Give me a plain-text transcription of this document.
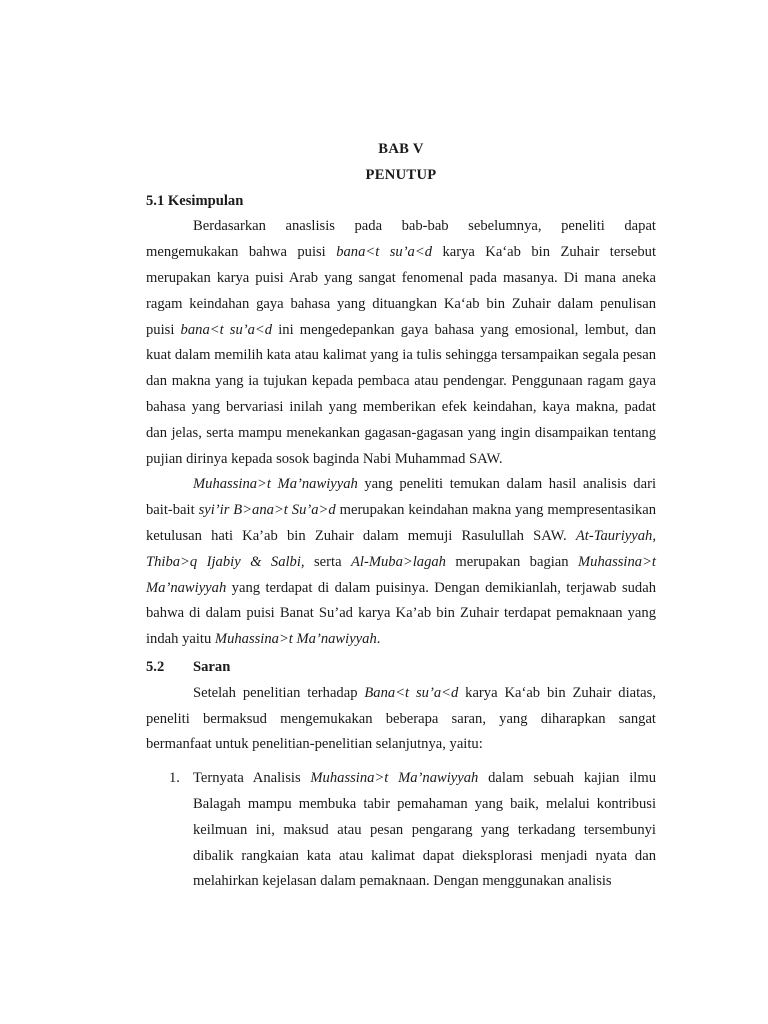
BAB V
PENUTUP

5.1 Kesimpulan

Berdasarkan anaslisis pada bab-bab sebelumnya, peneliti dapat mengemukakan bahwa puisi bana<t su’a<d karya Ka‘ab bin Zuhair tersebut merupakan karya puisi Arab yang sangat fenomenal pada masanya. Di mana aneka ragam keindahan gaya bahasa yang dituangkan Ka‘ab bin Zuhair dalam penulisan puisi bana<t su’a<d ini mengedepankan gaya bahasa yang emosional, lembut, dan kuat dalam memilih kata atau kalimat yang ia tulis sehingga tersampaikan segala pesan dan makna yang ia tujukan kepada pembaca atau pendengar. Penggunaan ragam gaya bahasa yang bervariasi inilah yang memberikan efek keindahan, kaya makna, padat dan jelas, serta mampu menekankan gagasan-gagasan yang ingin disampaikan tentang pujian dirinya kepada sosok baginda Nabi Muhammad SAW.

Muhassina>t Ma’nawiyyah yang peneliti temukan dalam hasil analisis dari bait-bait syi’ir B>ana>t Su’a>d merupakan keindahan makna yang mempresentasikan ketulusan hati Ka’ab bin Zuhair dalam memuji Rasulullah SAW. At-Tauriyyah, Thiba>q Ijabiy & Salbi, serta Al-Muba>lagah merupakan bagian Muhassina>t Ma’nawiyyah yang terdapat di dalam puisinya. Dengan demikianlah, terjawab sudah bahwa di dalam puisi Banat Su’ad karya Ka’ab bin Zuhair terdapat pemaknaan yang indah yaitu Muhassina>t Ma’nawiyyah.

5.2	Saran

Setelah penelitian terhadap Bana<t su’a<d karya Ka‘ab bin Zuhair diatas, peneliti bermaksud mengemukakan beberapa saran, yang diharapkan sangat bermanfaat untuk penelitian-penelitian selanjutnya, yaitu:

1. Ternyata Analisis Muhassina>t Ma’nawiyyah dalam sebuah kajian ilmu Balagah mampu membuka tabir pemahaman yang baik, melalui kontribusi keilmuan ini, maksud atau pesan pengarang yang terkadang tersembunyi dibalik rangkaian kata atau kalimat dapat dieksplorasi menjadi nyata dan melahirkan kejelasan dalam pemaknaan. Dengan menggunakan analisis
